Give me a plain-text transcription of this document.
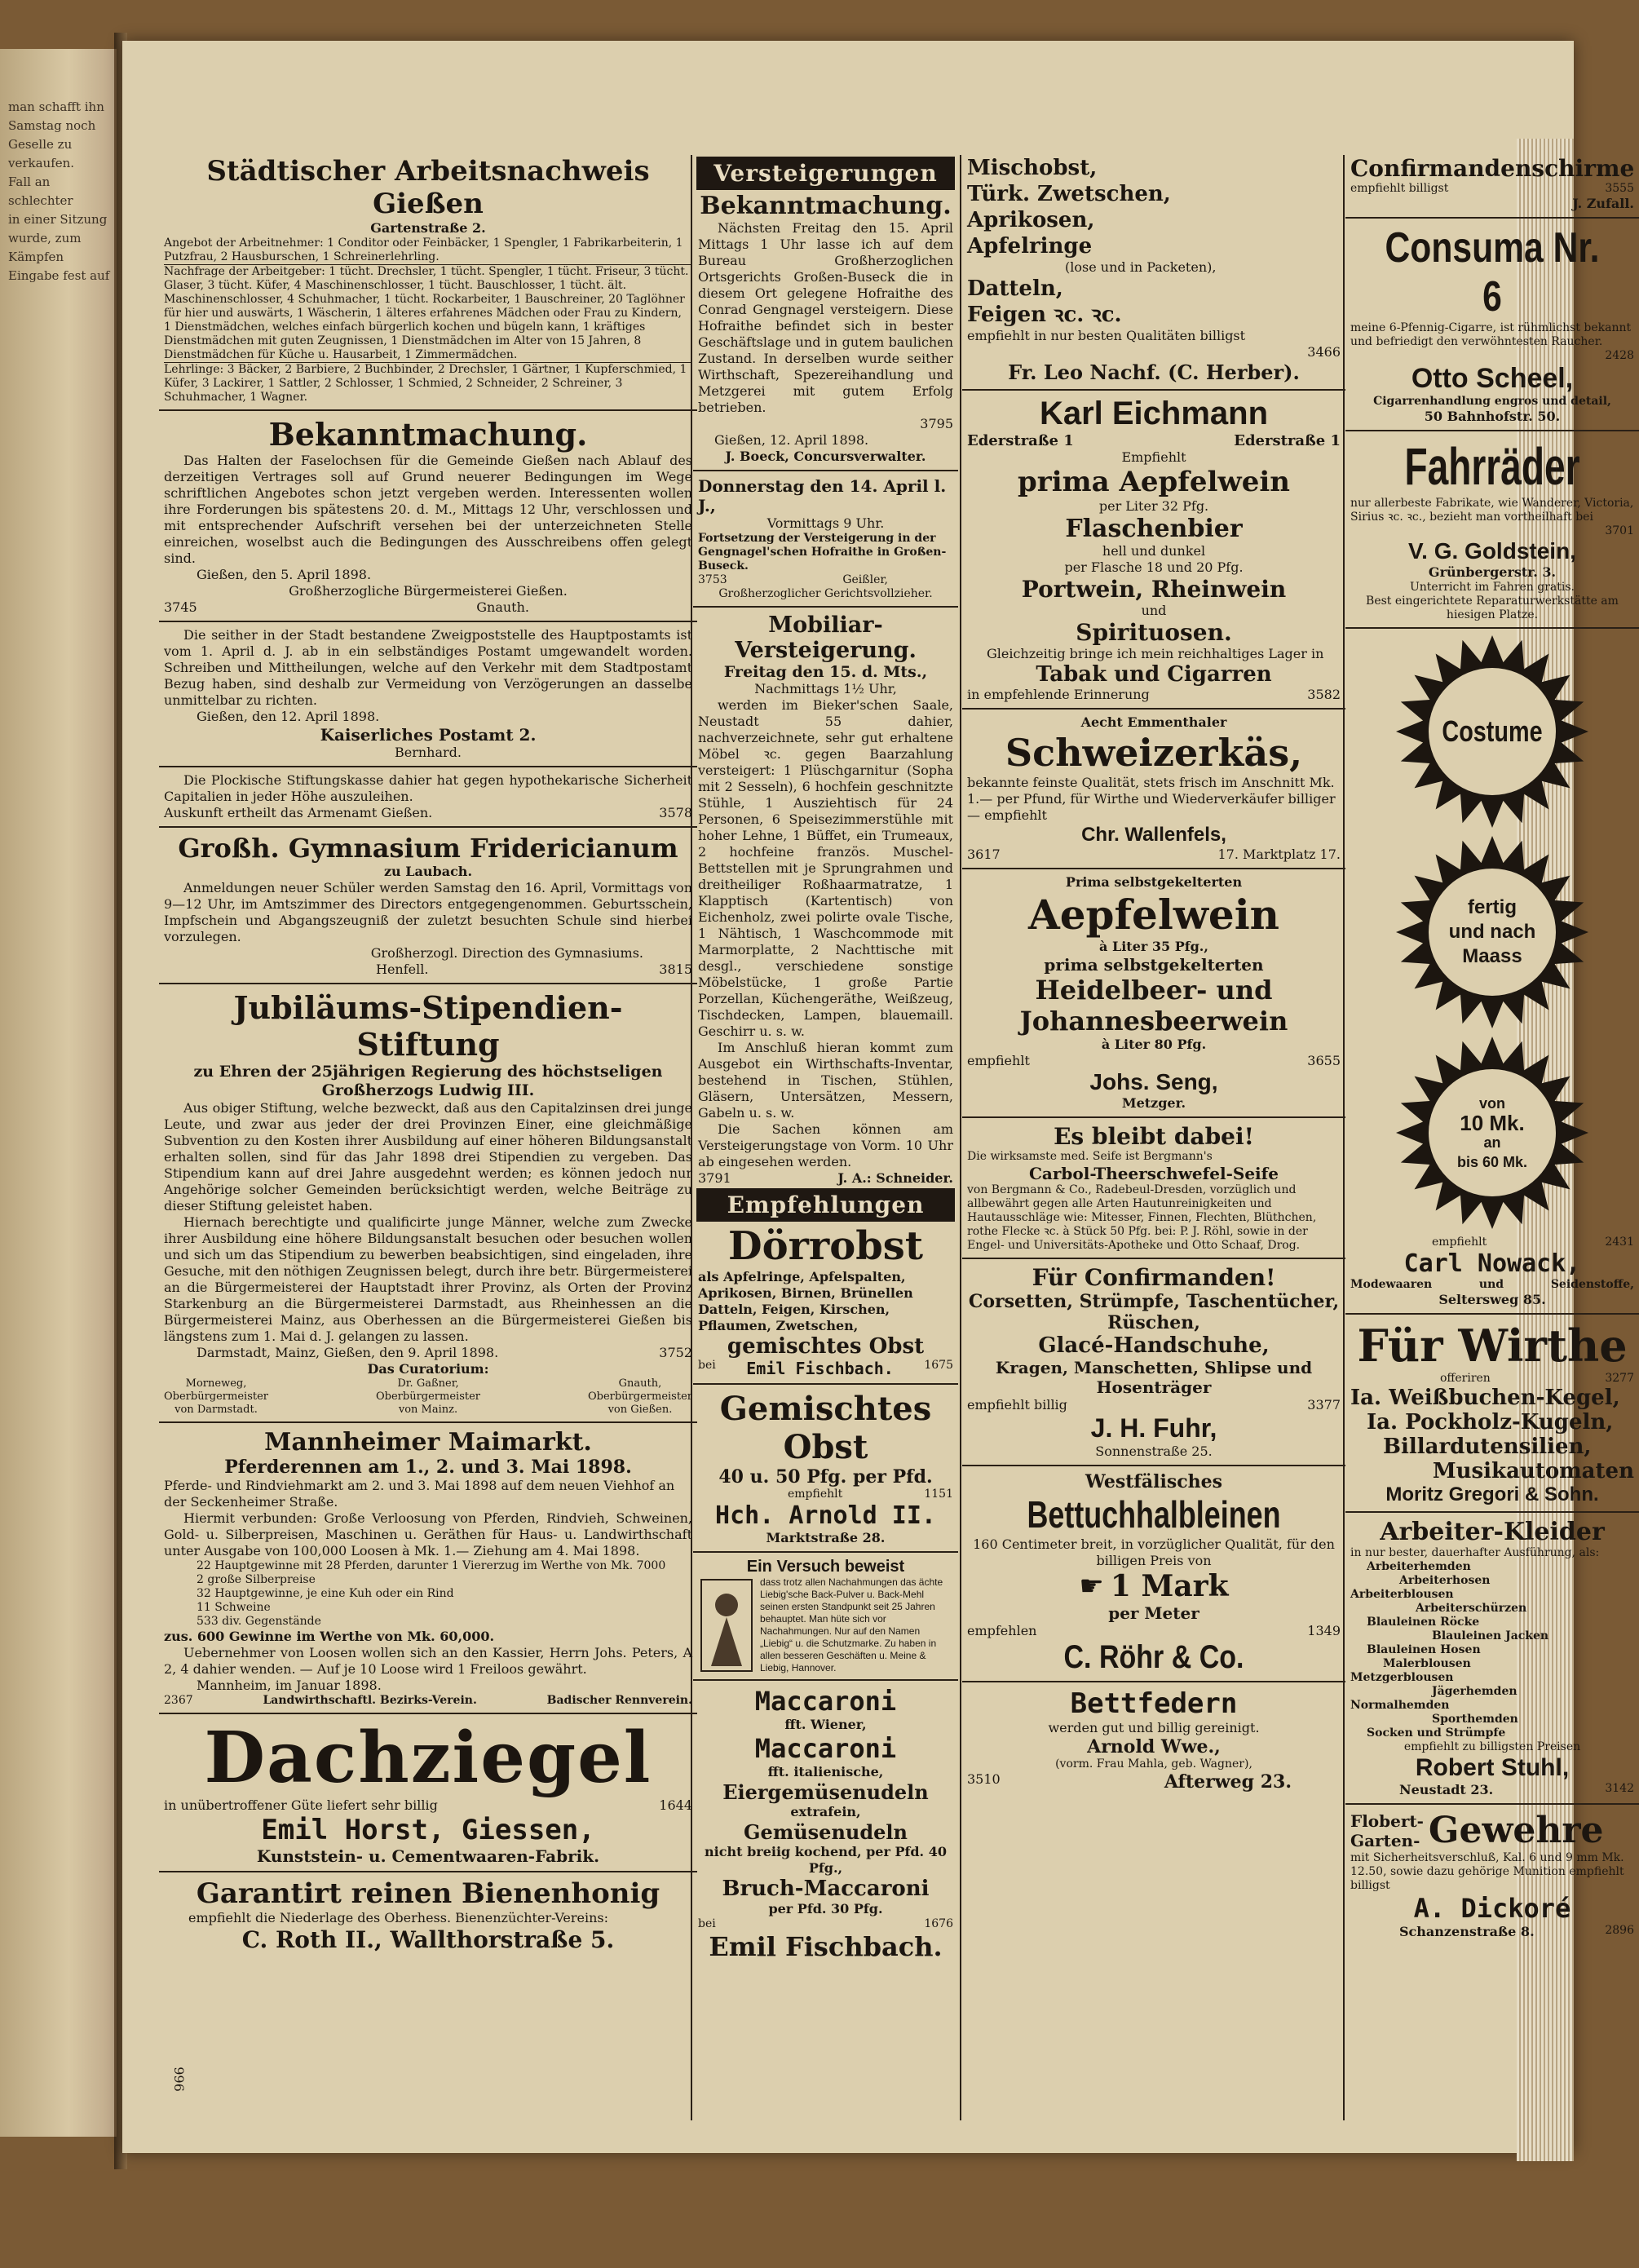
man schafft ihn
Samstag noch
Geselle zu verkaufen.
Fall an schlechter
in einer Sitzung
wurde, zum Kämpfen
Eingabe fest auf
Städtischer Arbeitsnachweis Gießen
Gartenstraße 2.
Angebot der Arbeitnehmer: 1 Conditor oder Feinbäcker, 1 Spengler, 1 Fabrikarbeiterin, 1 Putzfrau, 2 Hausburschen, 1 Schreinerlehrling.
Nachfrage der Arbeitgeber: 1 tücht. Drechsler, 1 tücht. Spengler, 1 tücht. Friseur, 3 tücht. Glaser, 3 tücht. Küfer, 4 Maschinenschlosser, 1 tücht. Bauschlosser, 1 tücht. ält. Maschinenschlosser, 4 Schuhmacher, 1 tücht. Rockarbeiter, 1 Bauschreiner, 20 Taglöhner für hier und auswärts, 1 Wäscherin, 1 älteres erfahrenes Mädchen oder Frau zu Kindern, 1 Dienstmädchen, welches einfach bürgerlich kochen und bügeln kann, 1 kräftiges Dienstmädchen mit guten Zeugnissen, 1 Dienstmädchen im Alter von 15 Jahren, 8 Dienstmädchen für Küche u. Hausarbeit, 1 Zimmermädchen.
Lehrlinge: 3 Bäcker, 2 Barbiere, 2 Buchbinder, 2 Drechsler, 1 Gärtner, 1 Kupferschmied, 1 Küfer, 3 Lackirer, 1 Sattler, 2 Schlosser, 1 Schmied, 2 Schneider, 2 Schreiner, 3 Schuhmacher, 1 Wagner.
Bekanntmachung.
Das Halten der Faselochsen für die Gemeinde Gießen nach Ablauf des derzeitigen Vertrages soll auf Grund neuerer Bedingungen im Wege schriftlichen Angebotes schon jetzt vergeben werden. Interessenten wollen ihre Forderungen bis spätestens 20. d. M., Mittags 12 Uhr, verschlossen und mit entsprechender Aufschrift versehen bei der unterzeichneten Stelle einreichen, woselbst auch die Bedingungen des Ausschreibens offen gelegt sind.
Gießen, den 5. April 1898.
Großherzogliche Bürgermeisterei Gießen.
3745	Gnauth.
Die seither in der Stadt bestandene Zweigpoststelle des Hauptpostamts ist vom 1. April d. J. ab in ein selbständiges Postamt umgewandelt worden. Schreiben und Mittheilungen, welche auf den Verkehr mit dem Stadtpostamt Bezug haben, sind deshalb zur Vermeidung von Verzögerungen an dasselbe unmittelbar zu richten.
Gießen, den 12. April 1898.
Kaiserliches Postamt 2.
Bernhard.
Die Plockische Stiftungskasse dahier hat gegen hypothekarische Sicherheit Capitalien in jeder Höhe auszuleihen.
Auskunft ertheilt das Armenamt Gießen.	3578
Großh. Gymnasium Fridericianum
zu Laubach.
Anmeldungen neuer Schüler werden Samstag den 16. April, Vormittags von 9—12 Uhr, im Amtszimmer des Directors entgegengenommen. Geburtsschein, Impfschein und Abgangszeugniß der zuletzt besuchten Schule sind hierbei vorzulegen.
Großherzogl. Direction des Gymnasiums.
Henfell.	3815
Jubiläums-Stipendien-Stiftung
zu Ehren der 25jährigen Regierung des höchstseligen Großherzogs Ludwig III.
Aus obiger Stiftung, welche bezweckt, daß aus den Capitalzinsen drei junge Leute, und zwar aus jeder der drei Provinzen Einer, eine gleichmäßige Subvention zu den Kosten ihrer Ausbildung auf einer höheren Bildungsanstalt erhalten sollen, sind für das Jahr 1898 drei Stipendien zu vergeben. Das Stipendium kann auf drei Jahre ausgedehnt werden; es können jedoch nur Angehörige solcher Gemeinden berücksichtigt werden, welche Beiträge zu dieser Stiftung geleistet haben.
Hiernach berechtigte und qualificirte junge Männer, welche zum Zwecke ihrer Ausbildung eine höhere Bildungsanstalt besuchen oder besuchen wollen und sich um das Stipendium zu bewerben beabsichtigen, sind eingeladen, ihre Gesuche, mit den nöthigen Zeugnissen belegt, durch ihre betr. Bürgermeisterei an die Bürgermeisterei der Hauptstadt ihrer Provinz, als Orten der Provinz Starkenburg an die Bürgermeisterei Darmstadt, aus Rheinhessen an die Bürgermeisterei Mainz, aus Oberhessen an die Bürgermeisterei Gießen bis längstens zum 1. Mai d. J. gelangen zu lassen.
Darmstadt, Mainz, Gießen, den 9. April 1898.	3752
Das Curatorium:
Morneweg,
Oberbürgermeister
von Darmstadt.
Dr. Gaßner,
Oberbürgermeister
von Mainz.
Gnauth,
Oberbürgermeister
von Gießen.
Mannheimer Maimarkt.
Pferderennen am 1., 2. und 3. Mai 1898.
Pferde- und Rindviehmarkt am 2. und 3. Mai 1898 auf dem neuen Viehhof an der Seckenheimer Straße.
Hiermit verbunden: Große Verloosung von Pferden, Rindvieh, Schweinen, Gold- u. Silberpreisen, Maschinen u. Geräthen für Haus- u. Landwirthschaft unter Ausgabe von 100,000 Loosen à Mk. 1.— Ziehung am 4. Mai 1898.
22 Hauptgewinne mit 28 Pferden, darunter 1 Viererzug im Werthe von Mk. 7000
2 große Silberpreise
32 Hauptgewinne, je eine Kuh oder ein Rind
11 Schweine
533 div. Gegenstände
zus. 600 Gewinne im Werthe von Mk. 60,000.
Uebernehmer von Loosen wollen sich an den Kassier, Herrn Johs. Peters, A 2, 4 dahier wenden. — Auf je 10 Loose wird 1 Freiloos gewährt.
Mannheim, im Januar 1898.
2367	Landwirthschaftl. Bezirks-Verein.	Badischer Rennverein.
Dachziegel
in unübertroffener Güte liefert sehr billig	1644
Emil Horst, Giessen,
Kunststein- u. Cementwaaren-Fabrik.
Garantirt reinen Bienenhonig
empfiehlt die Niederlage des Oberhess. Bienenzüchter-Vereins:
C. Roth II., Wallthorstraße 5.
996
Versteigerungen
Bekanntmachung.
Nächsten Freitag den 15. April Mittags 1 Uhr lasse ich auf dem Bureau Großherzoglichen Ortsgerichts Großen-Buseck die in diesem Ort gelegene Hofraithe des Conrad Gengnagel versteigern. Diese Hofraithe befindet sich in bester Geschäftslage und in gutem baulichen Zustand. In derselben wurde seither Wirthschaft, Spezereihandlung und Metzgerei mit gutem Erfolg betrieben.
3795
Gießen, 12. April 1898.
J. Boeck, Concursverwalter.
Donnerstag den 14. April l. J.,
Vormittags 9 Uhr.
Fortsetzung der Versteigerung in der Gengnagel'schen Hofraithe in Großen-Buseck.
3753	Geißler,
Großherzoglicher Gerichtsvollzieher.
Mobiliar-Versteigerung.
Freitag den 15. d. Mts.,
Nachmittags 1½ Uhr,
werden im Bieker'schen Saale, Neustadt 55 dahier, nachverzeichnete, sehr gut erhaltene Möbel ꝛc. gegen Baarzahlung versteigert: 1 Plüschgarnitur (Sopha mit 2 Sesseln), 6 hochfein geschnitzte Stühle, 1 Ausziehtisch für 24 Personen, 6 Speisezimmerstühle mit hoher Lehne, 1 Büffet, ein Trumeaux, 2 hochfeine französ. Muschel-Bettstellen mit je Sprungrahmen und dreitheiliger Roßhaarmatratze, 1 Klapptisch (Kartentisch) von Eichenholz, zwei polirte ovale Tische, 1 Nähtisch, 1 Waschcommode mit Marmorplatte, 2 Nachttische mit desgl., verschiedene sonstige Möbelstücke, 1 große Partie Porzellan, Küchengeräthe, Weißzeug, Tischdecken, Lampen, blauemaill. Geschirr u. s. w.
Im Anschluß hieran kommt zum Ausgebot ein Wirthschafts-Inventar, bestehend in Tischen, Stühlen, Gläsern, Untersätzen, Messern, Gabeln u. s. w.
Die Sachen können am Versteigerungstage von Vorm. 10 Uhr ab eingesehen werden.
3791	J. A.: Schneider.
Empfehlungen
Dörrobst
als Apfelringe, Apfelspalten, Aprikosen, Birnen, Brünellen Datteln, Feigen, Kirschen, Pflaumen, Zwetschen,
gemischtes Obst
bei Emil Fischbach.	1675
Gemischtes Obst
40 u. 50 Pfg. per Pfd.
empfiehlt	1151
Hch. Arnold II.
Marktstraße 28.
Ein Versuch beweist
dass trotz allen Nachahmungen das ächte Liebig'sche Back-Pulver u. Back-Mehl seinen ersten Standpunkt seit 25 Jahren behauptet. Man hüte sich vor Nachahmungen. Nur auf den Namen „Liebig“ u. die Schutzmarke. Zu haben in allen besseren Geschäften u. Meine & Liebig, Hannover.
Maccaroni
fft. Wiener,
Maccaroni
fft. italienische,
Eiergemüsenudeln
extrafein,
Gemüsenudeln
nicht breiig kochend, per Pfd. 40 Pfg.,
Bruch-Maccaroni
per Pfd. 30 Pfg.
bei	1676
Emil Fischbach.
Mischobst,
Türk. Zwetschen,
Aprikosen,
Apfelringe
(lose und in Packeten),
Datteln,
Feigen ꝛc. ꝛc.
empfiehlt in nur besten Qualitäten billigst
3466
Fr. Leo Nachf. (C. Herber).
Karl Eichmann
Ederstraße 1	Ederstraße 1
Empfiehlt
prima Aepfelwein
per Liter 32 Pfg.
Flaschenbier
hell und dunkel
per Flasche 18 und 20 Pfg.
Portwein, Rheinwein
und
Spirituosen.
Gleichzeitig bringe ich mein reichhaltiges Lager in
Tabak und Cigarren
in empfehlende Erinnerung	3582
Aecht Emmenthaler
Schweizerkäs,
bekannte feinste Qualität, stets frisch im Anschnitt Mk. 1.— per Pfund, für Wirthe und Wiederverkäufer billiger — empfiehlt
Chr. Wallenfels,
3617	17. Marktplatz 17.
Prima selbstgekelterten
Aepfelwein
à Liter 35 Pfg.,
prima selbstgekelterten
Heidelbeer- und
Johannesbeerwein
à Liter 80 Pfg.
empfiehlt	3655
Johs. Seng,
Metzger.
Es bleibt dabei!
Die wirksamste med. Seife ist Bergmann's
Carbol-Theerschwefel-Seife
von Bergmann & Co., Radebeul-Dresden, vorzüglich und allbewährt gegen alle Arten Hautunreinigkeiten und Hautausschläge wie: Mitesser, Finnen, Flechten, Blüthchen, rothe Flecke ꝛc. à Stück 50 Pfg. bei: P. J. Röhl, sowie in der Engel- und Universitäts-Apotheke und Otto Schaaf, Drog.
Für Confirmanden!
Corsetten, Strümpfe, Taschentücher, Rüschen,
Glacé-Handschuhe,
Kragen, Manschetten, Shlipse und Hosenträger
empfiehlt billig	3377
J. H. Fuhr,
Sonnenstraße 25.
Westfälisches
Bettuchhalbleinen
160 Centimeter breit, in vorzüglicher Qualität, für den billigen Preis von
☛ 1 Mark
per Meter
empfehlen	1349
C. Röhr & Co.
Bettfedern
werden gut und billig gereinigt.
Arnold Wwe.,
(vorm. Frau Mahla, geb. Wagner),
3510	Afterweg 23.
Confirmandenschirme
empfiehlt billigst	3555
J. Zufall.
Consuma Nr. 6
meine 6-Pfennig-Cigarre, ist rühmlichst bekannt und befriedigt den verwöhntesten Raucher.
2428
Otto Scheel,
Cigarrenhandlung engros und detail,
50 Bahnhofstr. 50.
Fahrräder
nur allerbeste Fabrikate, wie Wanderer, Victoria, Sirius ꝛc. ꝛc., bezieht man vortheilhaft bei
3701
V. G. Goldstein,
Grünbergerstr. 3.
Unterricht im Fahren gratis.
Best eingerichtete Reparaturwerkstätte am hiesigen Platze.
Costume
fertig
und nach
Maass
von
10 Mk.
an
bis 60 Mk.
empfiehlt	2431
Carl Nowack,
Modewaaren	und	Seidenstoffe,
Seltersweg 85.
Für Wirthe
offeriren	3277
Ia. Weißbuchen-Kegel,
Ia. Pockholz-Kugeln,
Billardutensilien,
Musikautomaten
Moritz Gregori & Sohn.
Arbeiter-Kleider
in nur bester, dauerhafter Ausführung, als:
Arbeiterhemden
Arbeiterhosen
Arbeiterblousen
Arbeiterschürzen
Blauleinen Röcke
Blauleinen Jacken
Blauleinen Hosen
Malerblousen
Metzgerblousen
Jägerhemden
Normalhemden
Sporthemden
Socken und Strümpfe
empfiehlt zu billigsten Preisen
Robert Stuhl,
Neustadt 23.	3142
Flobert-
Garten- Gewehre
mit Sicherheitsverschluß, Kal. 6 und 9 mm Mk. 12.50, sowie dazu gehörige Munition empfiehlt billigst
A. Dickoré
Schanzenstraße 8.	2896
